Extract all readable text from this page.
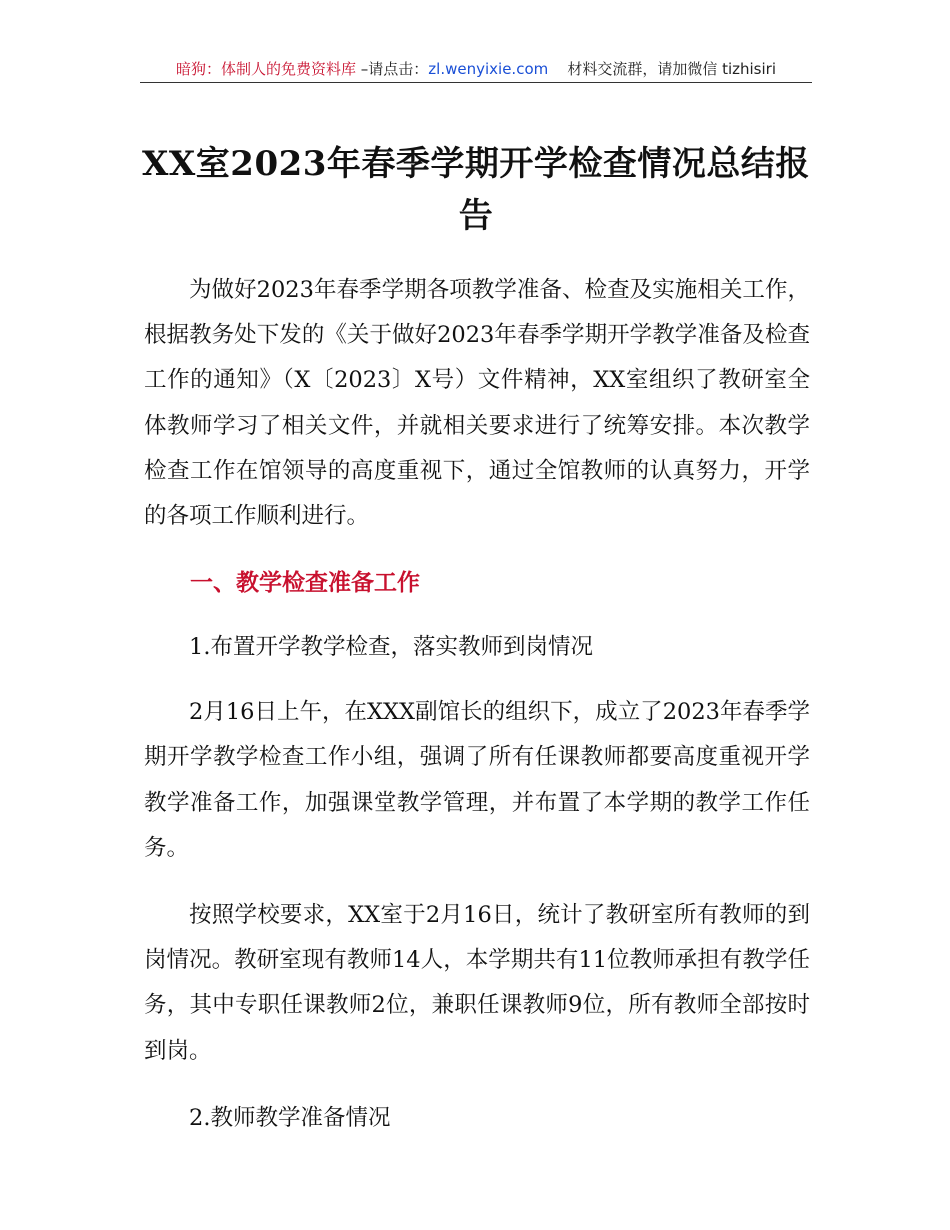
暗狗：体制人的免费资料库 –请点击：zl.wenyixie.com 材料交流群，请加微信 tizhisiri
XX室2023年春季学期开学检查情况总结报告

为做好2023年春季学期各项教学准备、检查及实施相关工作，根据教务处下发的《关于做好2023年春季学期开学教学准备及检查工作的通知》（X〔2023〕X号）文件精神，XX室组织了教研室全体教师学习了相关文件，并就相关要求进行了统筹安排。本次教学检查工作在馆领导的高度重视下，通过全馆教师的认真努力，开学的各项工作顺利进行。

一、教学检查准备工作
1.布置开学教学检查，落实教师到岗情况

2月16日上午，在XXX副馆长的组织下，成立了2023年春季学期开学教学检查工作小组，强调了所有任课教师都要高度重视开学教学准备工作，加强课堂教学管理，并布置了本学期的教学工作任务。

按照学校要求，XX室于2月16日，统计了教研室所有教师的到岗情况。教研室现有教师14人，本学期共有11位教师承担有教学任务，其中专职任课教师2位，兼职任课教师9位，所有教师全部按时到岗。

2.教师教学准备情况
